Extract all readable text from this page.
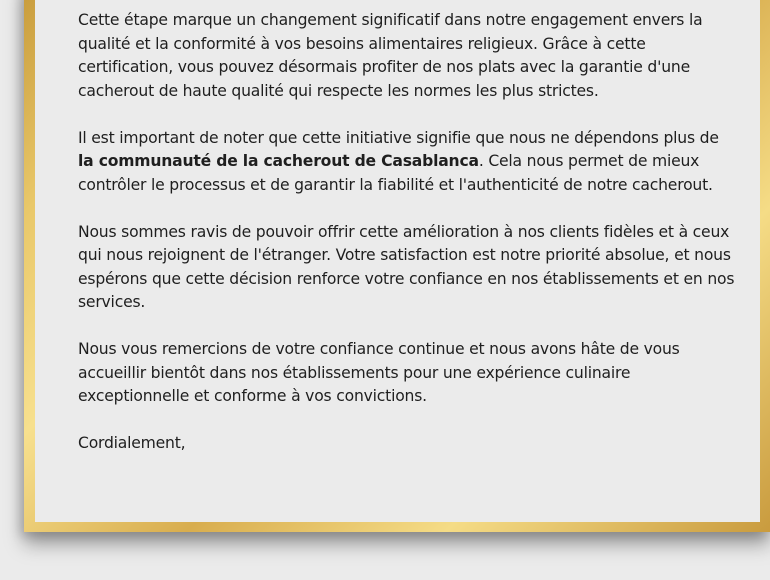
Cette étape marque un changement significatif dans notre engagement envers la qualité et la conformité à vos besoins alimentaires religieux. Grâce à cette certification, vous pouvez désormais profiter de nos plats avec la garantie d'une cacherout de haute qualité qui respecte les normes les plus strictes.

Il est important de noter que cette initiative signifie que nous ne dépendons plus de la communauté de la cacherout de Casablanca. Cela nous permet de mieux contrôler le processus et de garantir la fiabilité et l'authenticité de notre cacherout.

Nous sommes ravis de pouvoir offrir cette amélioration à nos clients fidèles et à ceux qui nous rejoignent de l'étranger. Votre satisfaction est notre priorité absolue, et nous espérons que cette décision renforce votre confiance en nos établissements et en nos services.

Nous vous remercions de votre confiance continue et nous avons hâte de vous accueillir bientôt dans nos établissements pour une expérience culinaire exceptionnelle et conforme à vos convictions.

Cordialement,
